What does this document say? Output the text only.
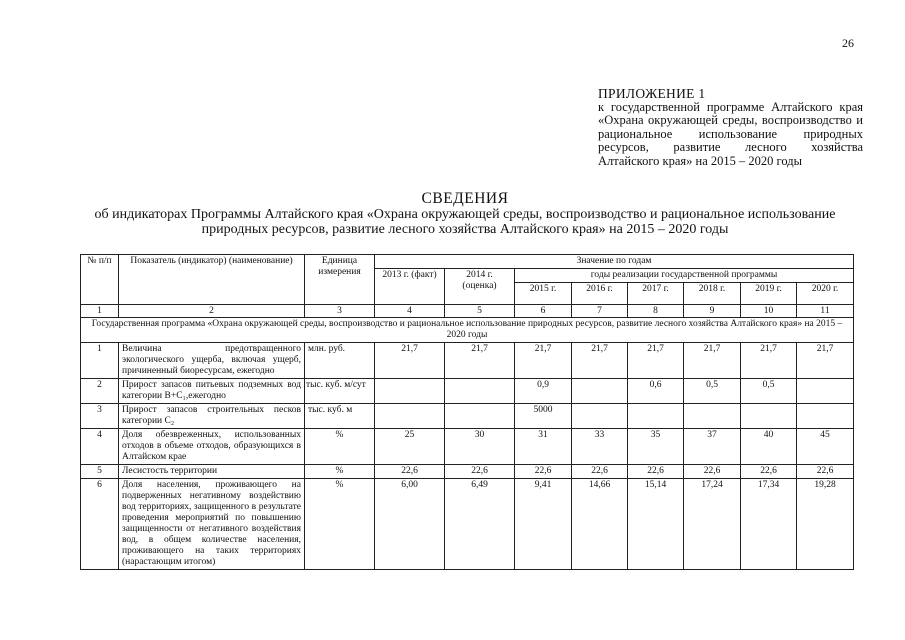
26
ПРИЛОЖЕНИЕ 1
к государственной программе Алтайского края «Охрана окружающей среды, воспроизводство и рациональное использование природных ресурсов, развитие лесного хозяйства Алтайского края» на 2015 – 2020 годы
СВЕДЕНИЯ
об индикаторах Программы Алтайского края «Охрана окружающей среды, воспроизводство и рациональное использование природных ресурсов, развитие лесного хозяйства Алтайского края» на 2015 – 2020 годы
№ п/п	Показатель (индикатор) (наименование)	Единица измерения	Значение по годам							
			2013 г. (факт)	2014 г. (оценка)	годы реализации государственной программы					
					2015 г.	2016 г.	2017 г.	2018 г.	2019 г.	2020 г.
1	2	3	4	5	6	7	8	9	10	11
Государственная программа «Охрана окружающей среды, воспроизводство и рациональное использование природных ресурсов, развитие лесного хозяйства Алтайского края» на 2015 – 2020 годы										
1	Величина предотвращенного экологического ущерба, включая ущерб, причиненный биоресурсам, ежегодно	млн. руб.	21,7	21,7	21,7	21,7	21,7	21,7	21,7	21,7
2	Прирост запасов питьевых подземных вод категории В+С₁,ежегодно	тыс. куб. м/сут			0,9		0,6	0,5	0,5	
3	Прирост запасов строительных песков категории С₂	тыс. куб. м			5000					
4	Доля обезвреженных, использованных отходов в объеме отходов, образующихся в Алтайском крае	%	25	30	31	33	35	37	40	45
5	Лесистость территории	%	22,6	22,6	22,6	22,6	22,6	22,6	22,6	22,6
6	Доля населения, проживающего на подверженных негативному воздействию вод территориях, защищенного в результате проведения мероприятий по повышению защищенности от негативного воздействия вод, в общем количестве населения, проживающего на таких территориях (нарастающим итогом)	%	6,00	6,49	9,41	14,66	15,14	17,24	17,34	19,28
